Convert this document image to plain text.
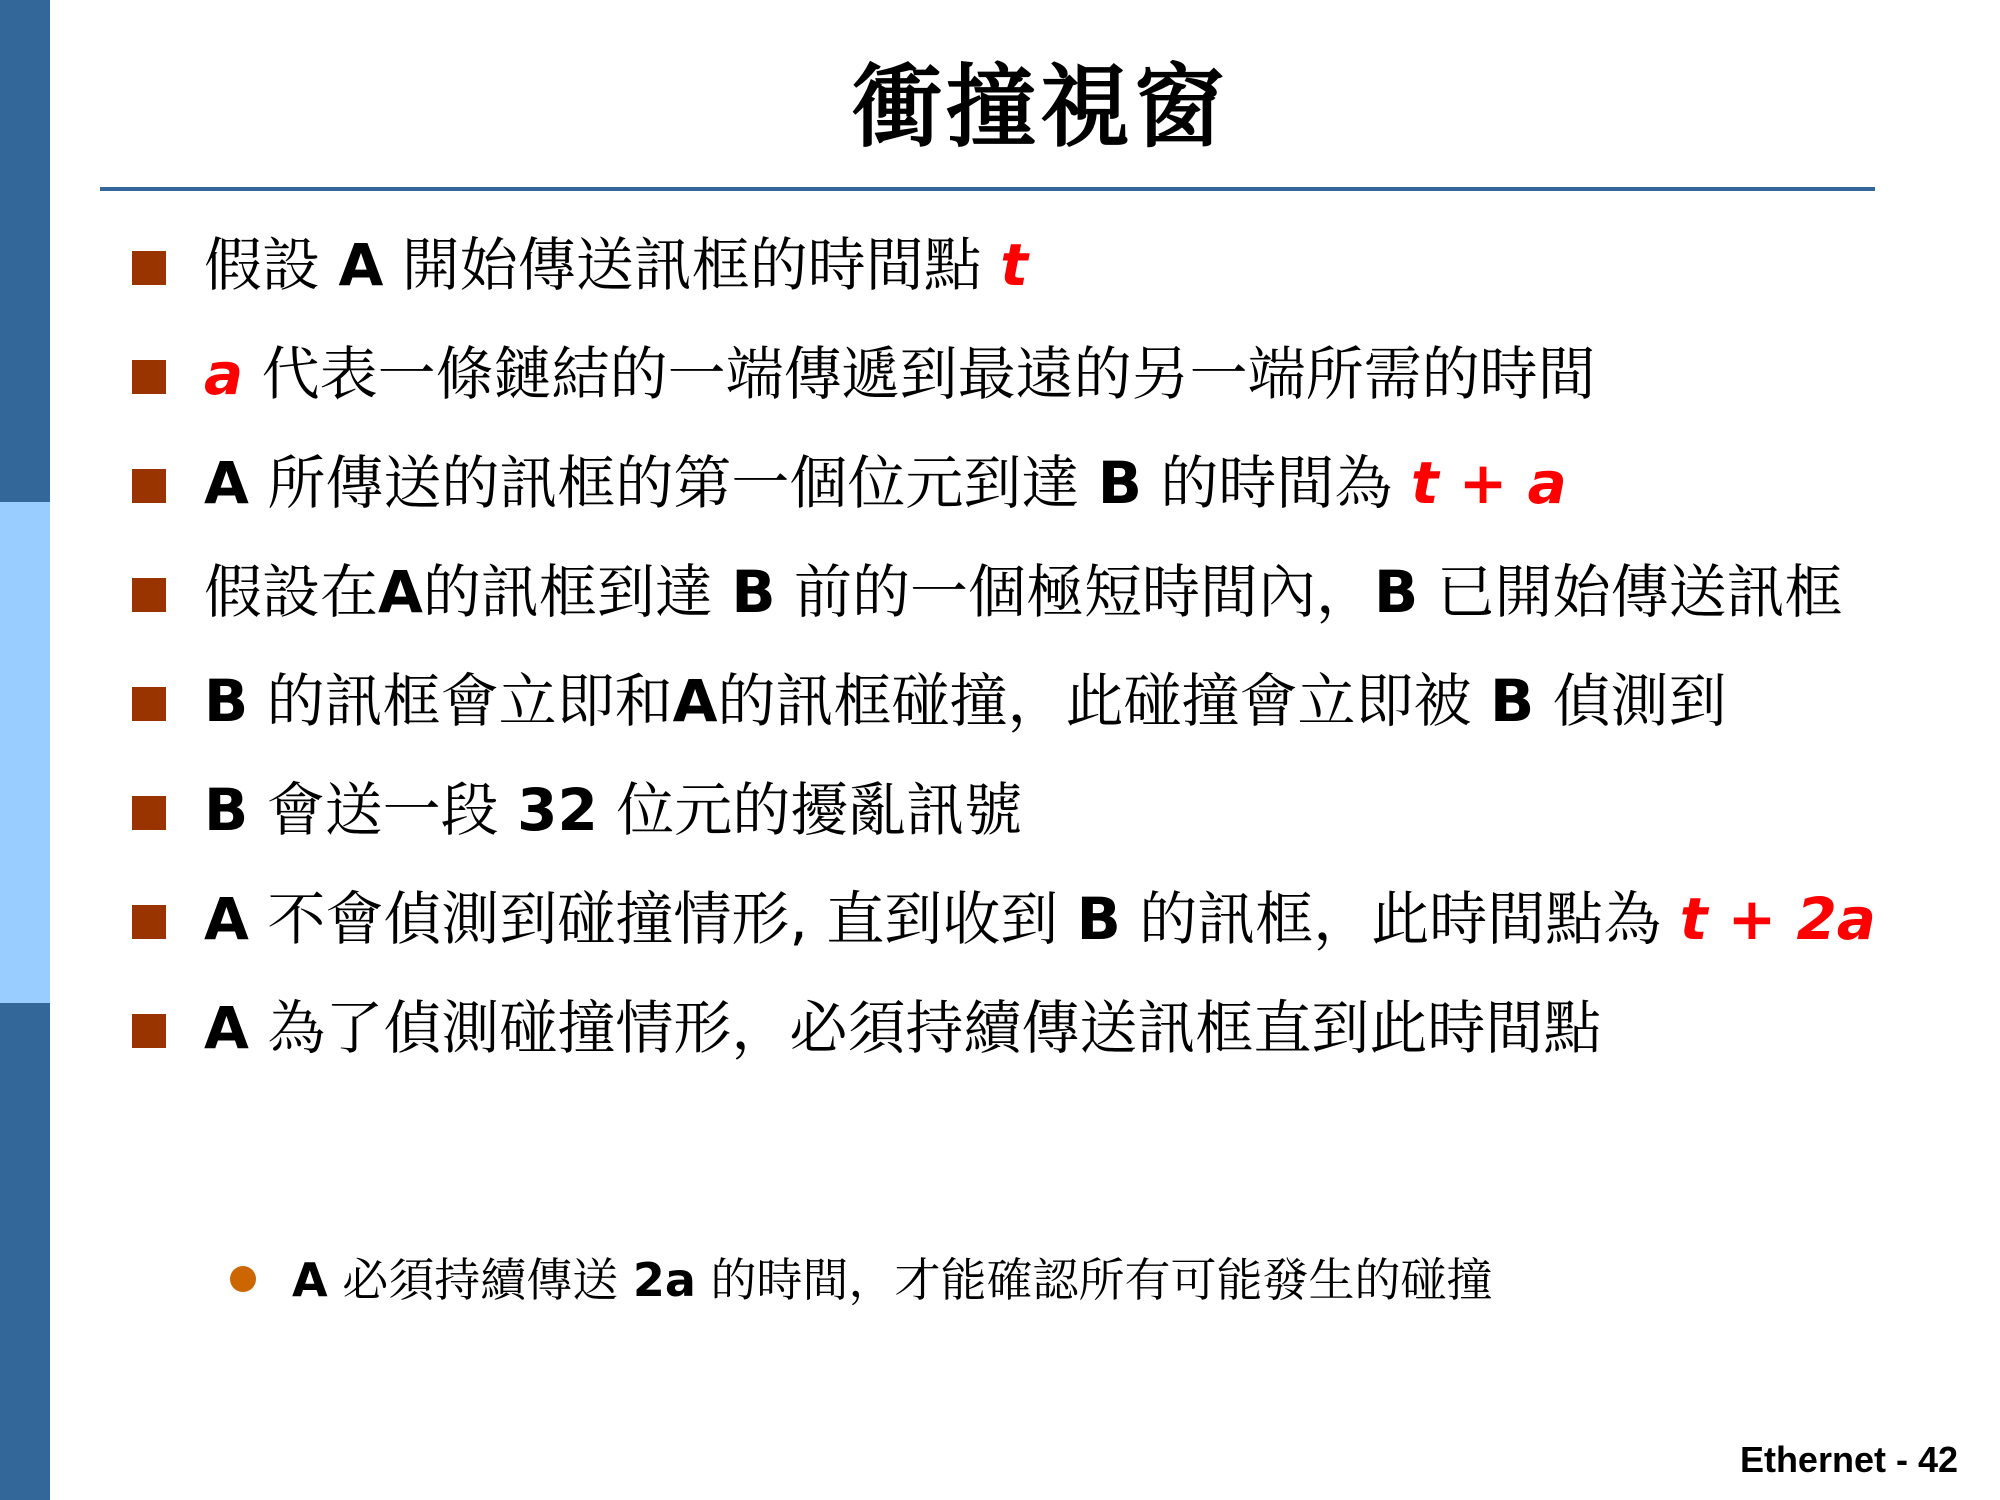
衝撞視窗
假設 A 開始傳送訊框的時間點 t
a 代表一條鏈結的一端傳遞到最遠的另一端所需的時間
A 所傳送的訊框的第一個位元到達 B 的時間為 t + a
假設在A的訊框到達 B 前的一個極短時間內，B 已開始傳送訊框
B 的訊框會立即和A的訊框碰撞，此碰撞會立即被 B 偵測到
B 會送一段 32 位元的擾亂訊號
A 不會偵測到碰撞情形, 直到收到 B 的訊框，此時間點為 t + 2a
A 為了偵測碰撞情形，必須持續傳送訊框直到此時間點
A 必須持續傳送 2a 的時間，才能確認所有可能發生的碰撞
Ethernet - 42
